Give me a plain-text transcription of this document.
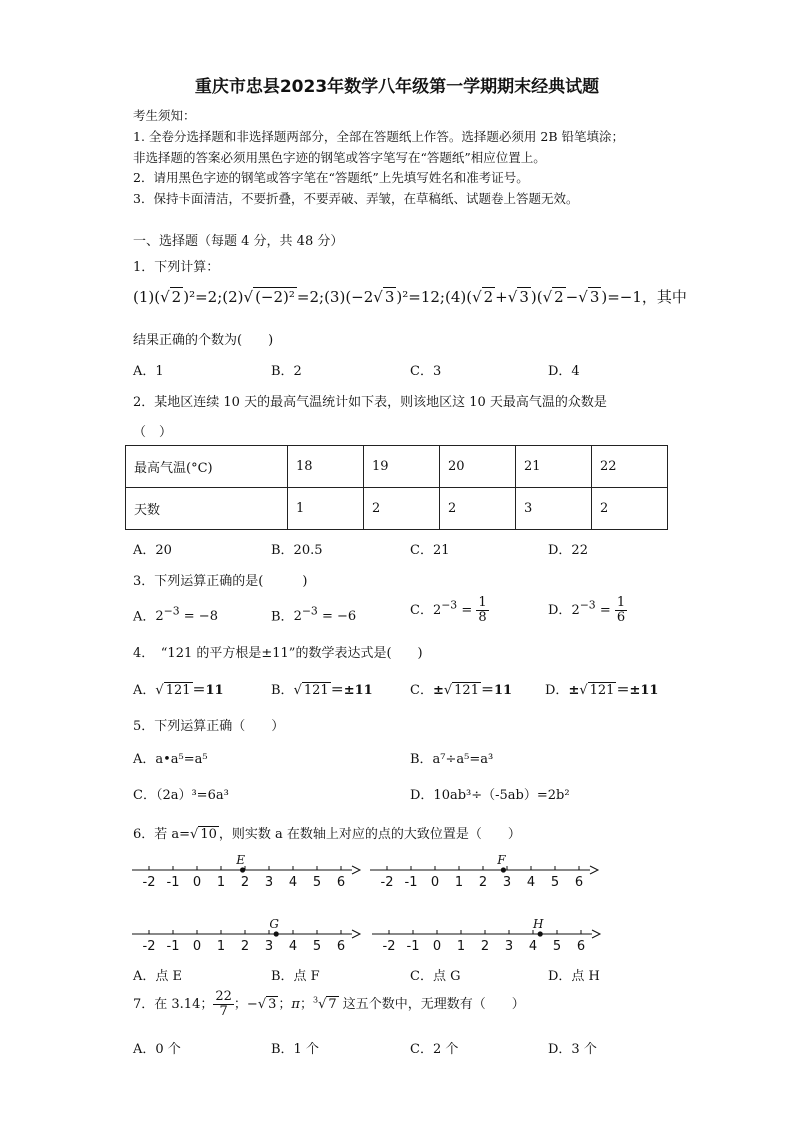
重庆市忠县2023年数学八年级第一学期期末经典试题
考生须知：
1. 全卷分选择题和非选择题两部分，全部在答题纸上作答。选择题必须用 2B 铅笔填涂；
非选择题的答案必须用黑色字迹的钢笔或答字笔写在“答题纸”相应位置上。
2．请用黑色字迹的钢笔或答字笔在“答题纸”上先填写姓名和准考证号。
3．保持卡面清洁，不要折叠，不要弄破、弄皱，在草稿纸、试题卷上答题无效。
一、选择题（每题 4 分，共 48 分）
1．下列计算：
(1)(√ 2 )²=2;(2)√ (−2)² =2;(3)(−2√ 3 )²=12;(4)(√ 2 +√ 3 )(√ 2 −√ 3 )=−1，其中
结果正确的个数为(　　)
A．1	B．2	C．3	D．4
2．某地区连续 10 天的最高气温统计如下表，则该地区这 10 天最高气温的众数是
（　）
最高气温(°C)	18	19	20	21	22
天数	1	2	2	3	2
A．20	B．20.5	C．21	D．22
3．下列运算正确的是(　　　)
A．$2^{-3} = -8$	B．$2^{-3} = -6$	C．$2^{-3} = \frac{1}{8}$	D．$2^{-3} = \frac{1}{6}$
4．　“121 的平方根是±11”的数学表达式是(　　)
A．√ 121 ＝11	B．√ 121 ＝±11	C．±√ 121 ＝11	D．±√ 121 ＝±11
5．下列运算正确（　　）
A．a•a⁵=a⁵	B．a⁷÷a⁵=a³
C．（2a）³=6a³	D．10ab³÷（-5ab）=2b²
6．若 a=√ 10 ，则实数 a 在数轴上对应的点的大致位置是（　　）
-2 -1 0 1 2 3 4 5 6
E
-2 -1 0 1 2 3 4 5 6
F
-2 -1 0 1 2 3 4 5 6
G
-2 -1 0 1 2 3 4 5 6
H
A．点 E	B．点 F	C．点 G	D．点 H
7．在 3.14； $\frac{22}{7}$ ；−√ 3 ；π；$^3$√ 7 这五个数中，无理数有（　　）
A．0 个	B．1 个	C．2 个	D．3 个
